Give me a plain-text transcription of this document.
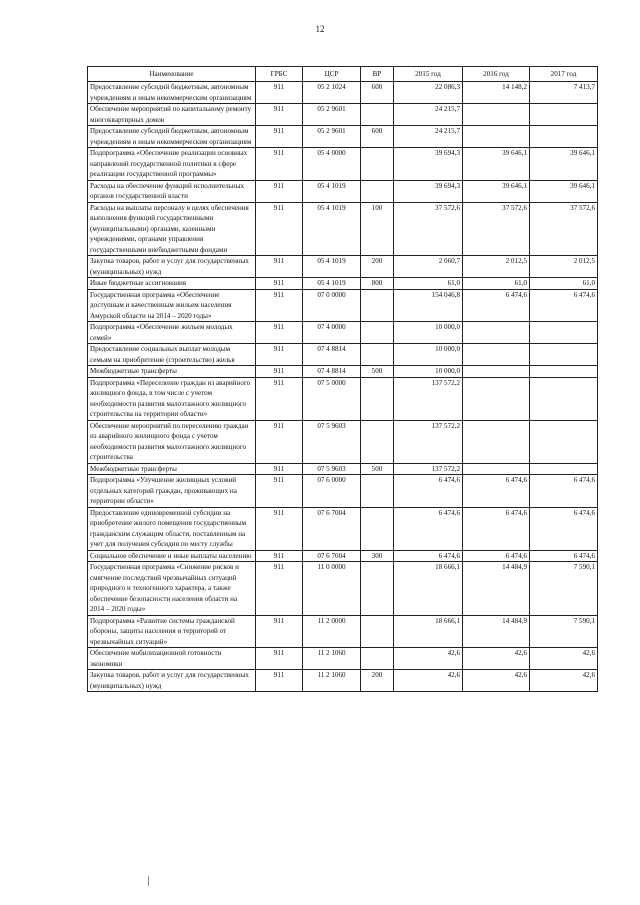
12
Наименование	ГРБС	ЦСР	ВР	2015 год	2016 год	2017 год
Предоставление субсидий бюджетным, автономным учреждениям и иным некоммерческим организациям	911	05 2 1024	600	22 086,3	14 148,2	7 413,7
Обеспечение мероприятий по капитальному ремонту многоквартирных домов	911	05 2 9601		24 215,7		
Предоставление субсидий бюджетным, автономным учреждениям и иным некоммерческим организациям	911	05 2 9601	600	24 215,7		
Подпрограмма «Обеспечение реализации основных направлений государственной политики в сфере реализации государственной программы»	911	05 4 0000		39 694,3	39 646,1	39 646,1
Расходы на обеспечение функций исполнительных органов государственной власти	911	05 4 1019		39 694,3	39 646,1	39 646,1
Расходы на выплаты персоналу в целях обеспечения выполнения функций государственными (муниципальными) органами, казенными учреждениями, органами управления государственными внебюджетными фондами	911	05 4 1019	100	37 572,6	37 572,6	37 572,6
Закупка товаров, работ и услуг для государственных (муниципальных) нужд	911	05 4 1019	200	2 060,7	2 012,5	2 012,5
Иные бюджетные ассигнования	911	05 4 1019	800	61,0	61,0	61,0
Государственная программа «Обеспечение доступным и качественным жильем населения Амурской области на 2014 – 2020 годы»	911	07 0 0000		154 046,8	6 474,6	6 474,6
Подпрограмма «Обеспечение жильем молодых семей»	911	07 4 0000		10 000,0		
Предоставление социальных выплат молодым семьям на приобретение (строительство) жилья	911	07 4 8814		10 000,0		
Межбюджетные трансферты	911	07 4 8814	500	10 000,0		
Подпрограмма «Переселение граждан из аварийного жилищного фонда, в том числе с учетом необходимости развития малоэтажного жилищного строительства на территории области»	911	07 5 0000		137 572,2		
Обеспечение мероприятий по переселению граждан из аварийного жилищного фонда с учетом необходимости развития малоэтажного жилищного строительства	911	07 5 9603		137 572,2		
Межбюджетные трансферты	911	07 5 9603	500	137 572,2		
Подпрограмма «Улучшение жилищных условий отдельных категорий граждан, проживающих на территории области»	911	07 6 0000		6 474,6	6 474,6	6 474,6
Предоставление единовременной субсидии на приобретение жилого помещения государственным гражданским служащим области, поставленным на учет для получения субсидии по месту службы	911	07 6 7004		6 474,6	6 474,6	6 474,6
Социальное обеспечение и иные выплаты населению	911	07 6 7004	300	6 474,6	6 474,6	6 474,6
Государственная программа «Снижение рисков и смягчение последствий чрезвычайных ситуаций природного и техногенного характера, а также обеспечение безопасности населения области на 2014 – 2020 годы»	911	11 0 0000		18 666,1	14 484,9	7 590,1
Подпрограмма «Развитие системы гражданской обороны, защиты населения и территорий от чрезвычайных ситуаций»	911	11 2 0000		18 666,1	14 484,9	7 590,1
Обеспечение мобилизационной готовности экономики	911	11 2 1060		42,6	42,6	42,6
Закупка товаров, работ и услуг для государственных (муниципальных) нужд	911	11 2 1060	200	42,6	42,6	42,6
